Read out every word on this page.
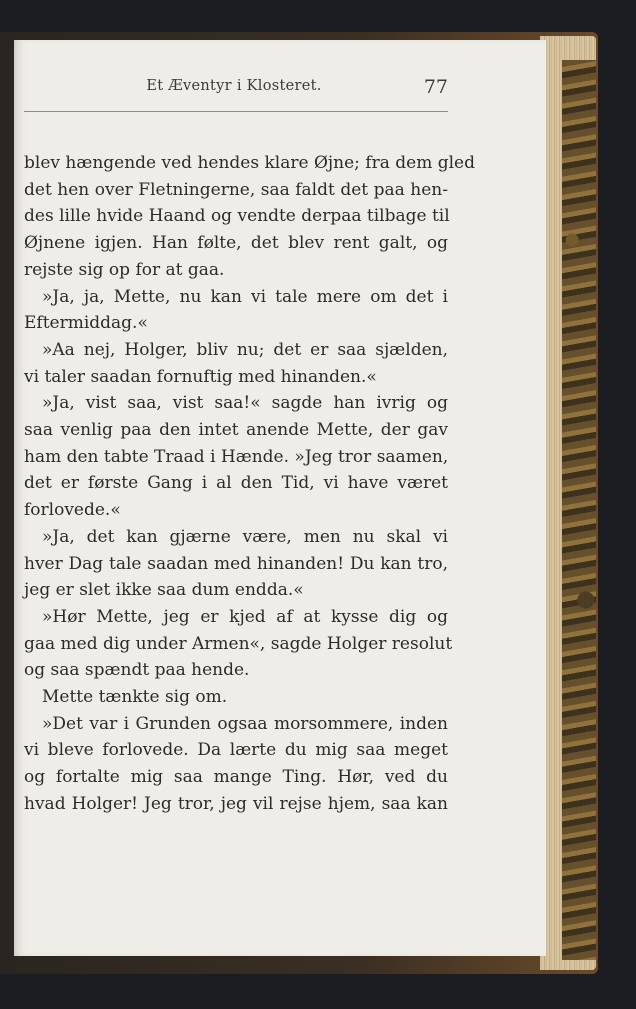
Et Æventyr i Klosteret.	77
blev hængende ved hendes klare Øjne; fra dem gled
det hen over Fletningerne, saa faldt det paa hen-
des lille hvide Haand og vendte derpaa tilbage til
Øjnene igjen. Han følte, det blev rent galt, og
rejste sig op for at gaa.
»Ja, ja, Mette, nu kan vi tale mere om det i
Eftermiddag.«
»Aa nej, Holger, bliv nu; det er saa sjælden,
vi taler saadan fornuftig med hinanden.«
»Ja, vist saa, vist saa!« sagde han ivrig og
saa venlig paa den intet anende Mette, der gav
ham den tabte Traad i Hænde. »Jeg tror saamen,
det er første Gang i al den Tid, vi have været
forlovede.«
»Ja, det kan gjærne være, men nu skal vi
hver Dag tale saadan med hinanden! Du kan tro,
jeg er slet ikke saa dum endda.«
»Hør Mette, jeg er kjed af at kysse dig og
gaa med dig under Armen«, sagde Holger resolut
og saa spændt paa hende.
Mette tænkte sig om.
»Det var i Grunden ogsaa morsommere, inden
vi bleve forlovede. Da lærte du mig saa meget
og fortalte mig saa mange Ting. Hør, ved du
hvad Holger! Jeg tror, jeg vil rejse hjem, saa kan
